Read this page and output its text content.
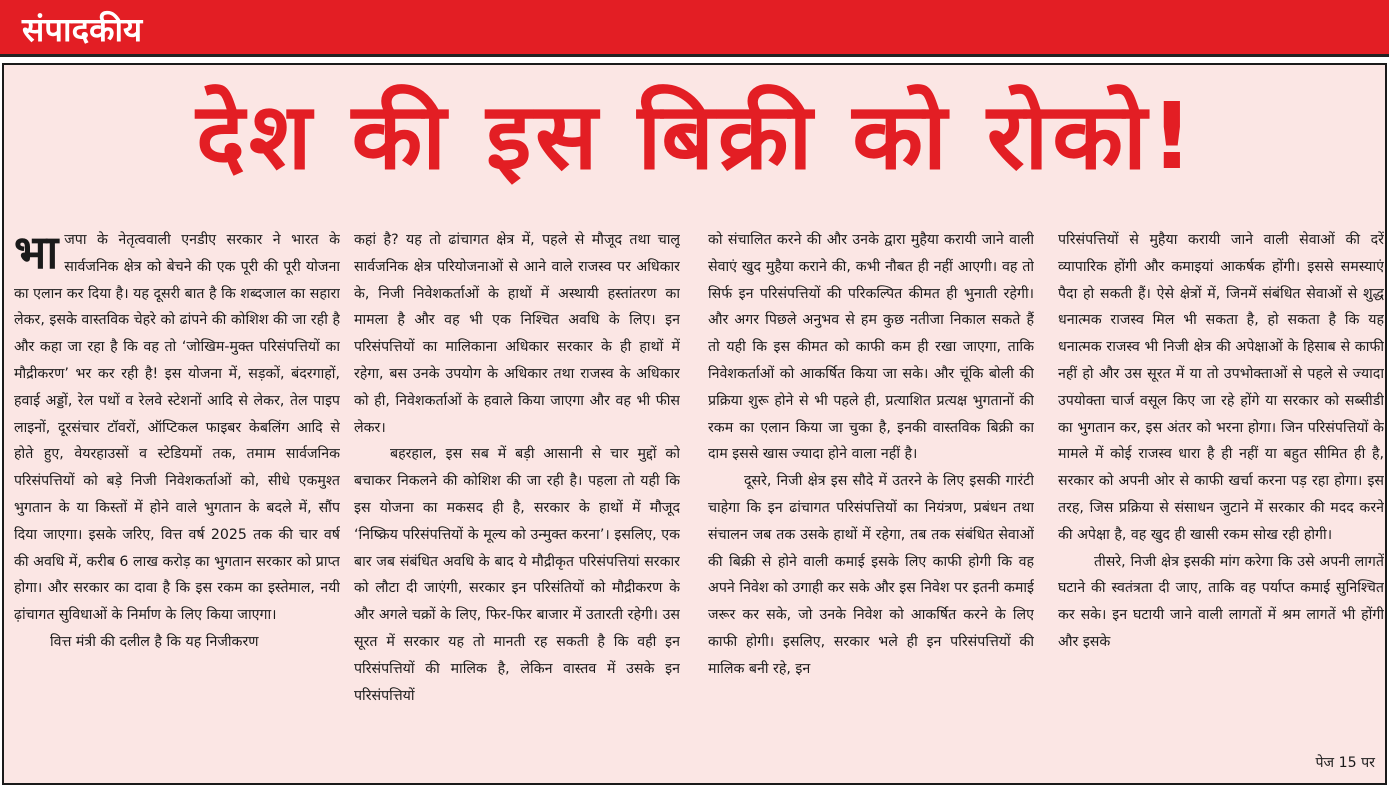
संपादकीय
देश की इस बिक्री को रोको!

भाजपा के नेतृत्ववाली एनडीए सरकार ने भारत के सार्वजनिक क्षेत्र को बेचने की एक पूरी की पूरी योजना का एलान कर दिया है। यह दूसरी बात है कि शब्दजाल का सहारा लेकर, इसके वास्तविक चेहरे को ढांपने की कोशिश की जा रही है और कहा जा रहा है कि वह तो ‘जोखिम-मुक्त परिसंपत्तियों का मौद्रीकरण’ भर कर रही है! इस योजना में, सड़कों, बंदरगाहों, हवाई अड्डों, रेल पथों व रेलवे स्टेशनों आदि से लेकर, तेल पाइप लाइनों, दूरसंचार टॉवरों, ऑप्टिकल फाइबर केबलिंग आदि से होते हुए, वेयरहाउसों व स्टेडियमों तक, तमाम सार्वजनिक परिसंपत्तियों को बड़े निजी निवेशकर्ताओं को, सीधे एकमुश्त भुगतान के या किस्तों में होने वाले भुगतान के बदले में, सौंप दिया जाएगा। इसके जरिए, वित्त वर्ष 2025 तक की चार वर्ष की अवधि में, करीब 6 लाख करोड़ का भुगतान सरकार को प्राप्त होगा। और सरकार का दावा है कि इस रकम का इस्तेमाल, नयी ढ़ांचागत सुविधाओं के निर्माण के लिए किया जाएगा।

वित्त मंत्री की दलील है कि यह निजीकरण

कहां है? यह तो ढांचागत क्षेत्र में, पहले से मौजूद तथा चालू सार्वजनिक क्षेत्र परियोजनाओं से आने वाले राजस्व पर अधिकार के, निजी निवेशकर्ताओं के हाथों में अस्थायी हस्तांतरण का मामला है और वह भी एक निश्चित अवधि के लिए। इन परिसंपत्तियों का मालिकाना अधिकार सरकार के ही हाथों में रहेगा, बस उनके उपयोग के अधिकार तथा राजस्व के अधिकार को ही, निवेशकर्ताओं के हवाले किया जाएगा और वह भी फीस लेकर।

बहरहाल, इस सब में बड़ी आसानी से चार मुद्दों को बचाकर निकलने की कोशिश की जा रही है। पहला तो यही कि इस योजना का मकसद ही है, सरकार के हाथों में मौजूद ‘निष्क्रिय परिसंपत्तियों के मूल्य को उन्मुक्त करना’। इसलिए, एक बार जब संबंधित अवधि के बाद ये मौद्रीकृत परिसंपत्तियां सरकार को लौटा दी जाएंगी, सरकार इन परिसंतियों को मौद्रीकरण के और अगले चक्रों के लिए, फिर-फिर बाजार में उतारती रहेगी। उस सूरत में सरकार यह तो मानती रह सकती है कि वही इन परिसंपत्तियों की मालिक है, लेकिन वास्तव में उसके इन परिसंपत्तियों

को संचालित करने की और उनके द्वारा मुहैया करायी जाने वाली सेवाएं खुद मुहैया कराने की, कभी नौबत ही नहीं आएगी। वह तो सिर्फ इन परिसंपत्तियों की परिकल्पित कीमत ही भुनाती रहेगी। और अगर पिछले अनुभव से हम कुछ नतीजा निकाल सकते हैं तो यही कि इस कीमत को काफी कम ही रखा जाएगा, ताकि निवेशकर्ताओं को आकर्षित किया जा सके। और चूंकि बोली की प्रक्रिया शुरू होने से भी पहले ही, प्रत्याशित प्रत्यक्ष भुगतानों की रकम का एलान किया जा चुका है, इनकी वास्तविक बिक्री का दाम इससे खास ज्यादा होने वाला नहीं है।

दूसरे, निजी क्षेत्र इस सौदे में उतरने के लिए इसकी गारंटी चाहेगा कि इन ढांचागत परिसंपत्तियों का नियंत्रण, प्रबंधन तथा संचालन जब तक उसके हाथों में रहेगा, तब तक संबंधित सेवाओं की बिक्री से होने वाली कमाई इसके लिए काफी होगी कि वह अपने निवेश को उगाही कर सके और इस निवेश पर इतनी कमाई जरूर कर सके, जो उनके निवेश को आकर्षित करने के लिए काफी होगी। इसलिए, सरकार भले ही इन परिसंपत्तियों की मालिक बनी रहे, इन

परिसंपत्तियों से मुहैया करायी जाने वाली सेवाओं की दरें व्यापारिक होंगी और कमाइयां आकर्षक होंगी। इससे समस्याएं पैदा हो सकती हैं। ऐसे क्षेत्रों में, जिनमें संबंधित सेवाओं से शुद्ध धनात्मक राजस्व मिल भी सकता है, हो सकता है कि यह धनात्मक राजस्व भी निजी क्षेत्र की अपेक्षाओं के हिसाब से काफी नहीं हो और उस सूरत में या तो उपभोक्ताओं से पहले से ज्यादा उपयोक्ता चार्ज वसूल किए जा रहे होंगे या सरकार को सब्सीडी का भुगतान कर, इस अंतर को भरना होगा। जिन परिसंपत्तियों के मामले में कोई राजस्व धारा है ही नहीं या बहुत सीमित ही है, सरकार को अपनी ओर से काफी खर्चा करना पड़ रहा होगा। इस तरह, जिस प्रक्रिया से संसाधन जुटाने में सरकार की मदद करने की अपेक्षा है, वह खुद ही खासी रकम सोख रही होगी।

तीसरे, निजी क्षेत्र इसकी मांग करेगा कि उसे अपनी लागतें घटाने की स्वतंत्रता दी जाए, ताकि वह पर्याप्त कमाई सुनिश्चित कर सके। इन घटायी जाने वाली लागतों में श्रम लागतें भी होंगी और इसके

पेज 15 पर
